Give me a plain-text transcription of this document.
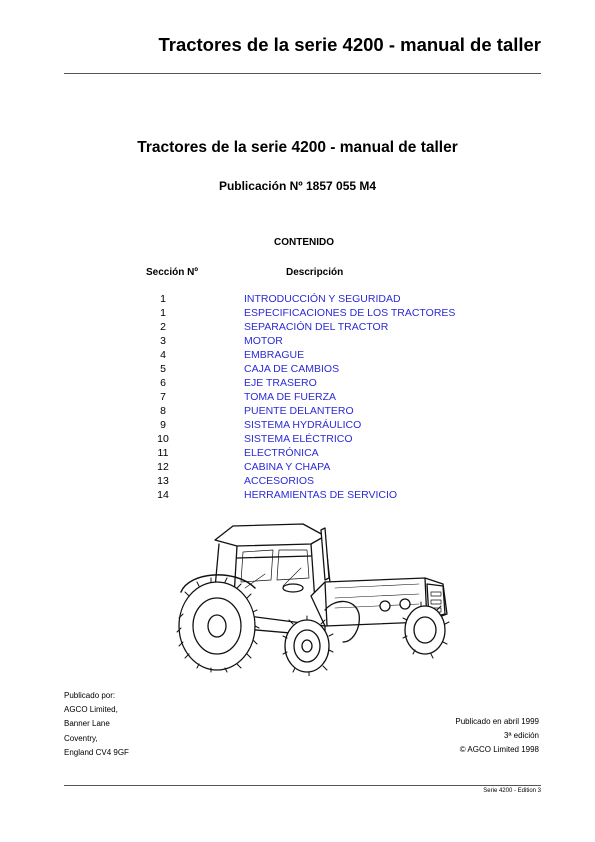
Tractores de la serie 4200 - manual de taller
Tractores de la serie 4200 - manual de taller
Publicación Nº 1857 055 M4
CONTENIDO
Sección Nº	Descripción
1	INTRODUCCIÓN Y SEGURIDAD
1	ESPECIFICACIONES DE LOS TRACTORES
2	SEPARACIÓN DEL TRACTOR
3	MOTOR
4	EMBRAGUE
5	CAJA DE CAMBIOS
6	EJE TRASERO
7	TOMA DE FUERZA
8	PUENTE DELANTERO
9	SISTEMA HYDRÁULICO
10	SISTEMA ELÉCTRICO
11	ELECTRÓNICA
12	CABINA Y CHAPA
13	ACCESORIOS
14	HERRAMIENTAS DE SERVICIO
Publicado por:
AGCO Limited,
Banner Lane
Coventry,
England CV4 9GF
Publicado en abril 1999
3ª edición
© AGCO Limited 1998
Serie 4200 - Edition 3
